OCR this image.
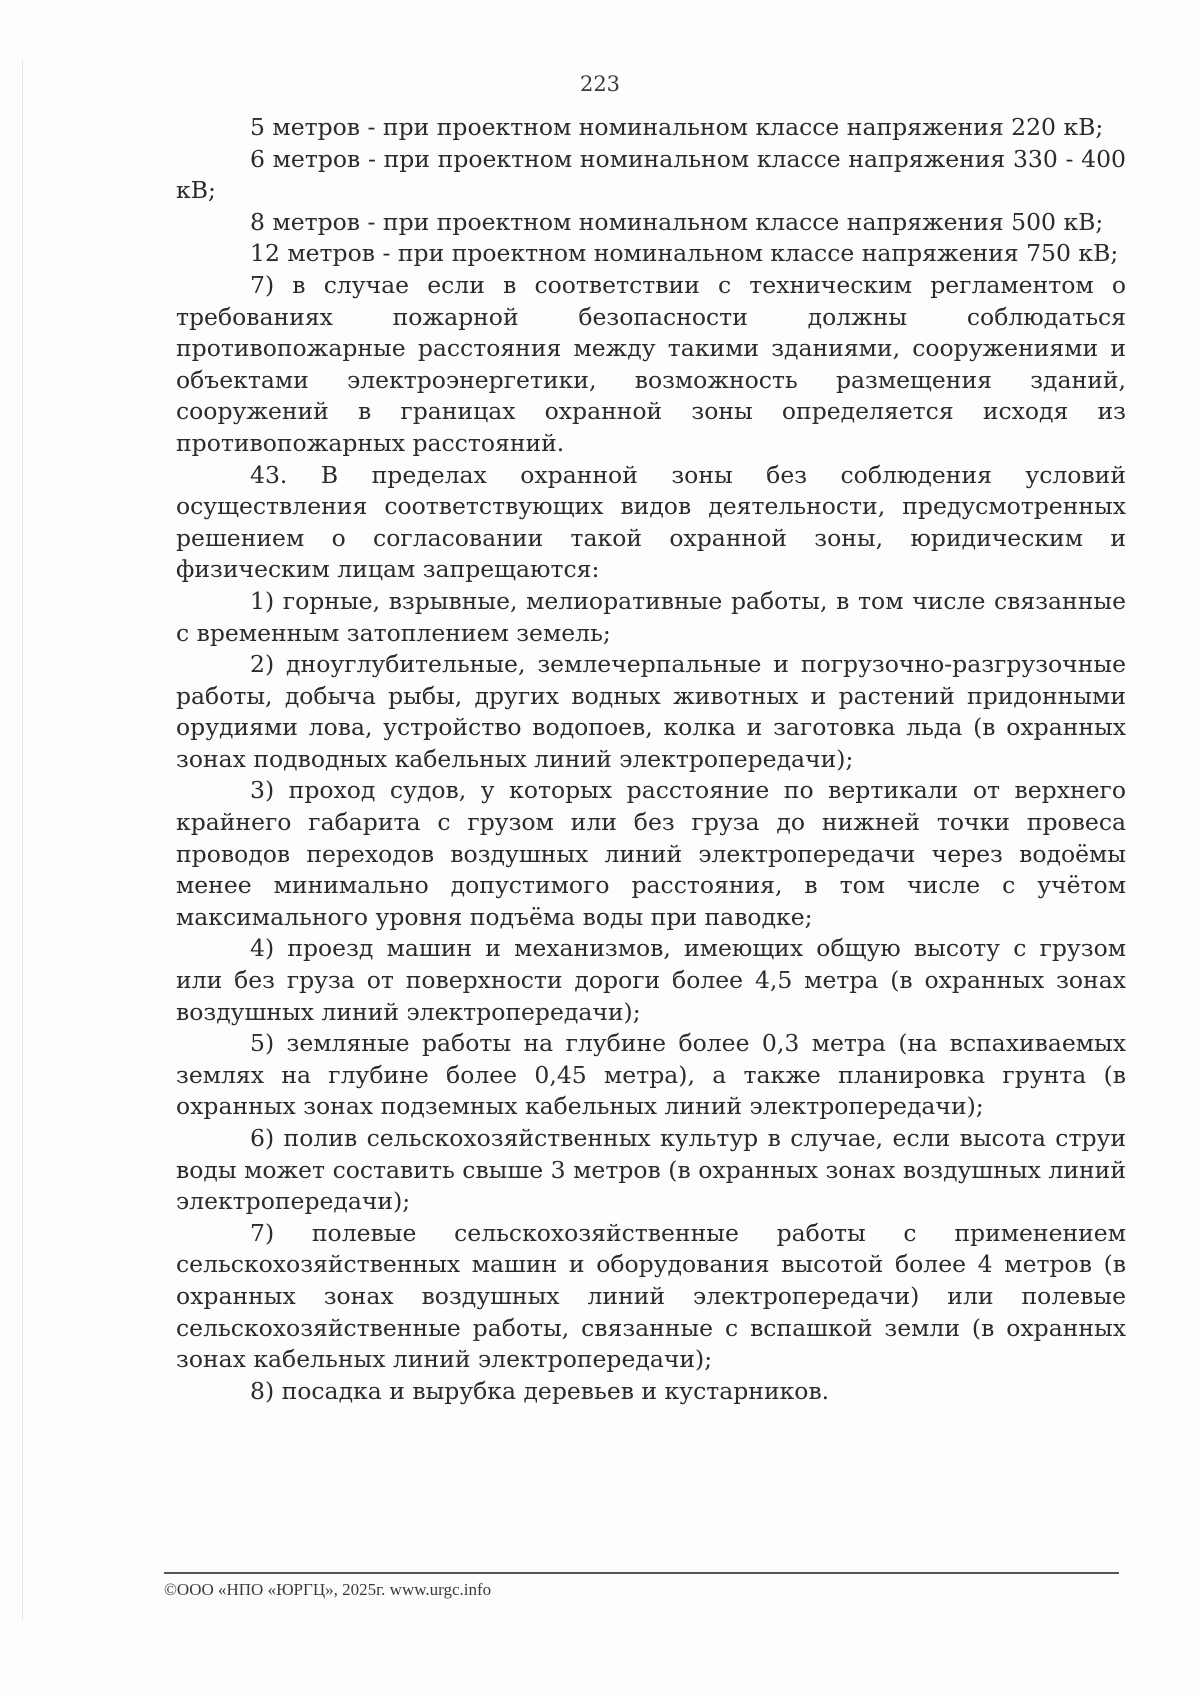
223

5 метров - при проектном номинальном классе напряжения 220 кВ;

6 метров - при проектном номинальном классе напряжения 330 - 400 кВ;

8 метров - при проектном номинальном классе напряжения 500 кВ;

12 метров - при проектном номинальном классе напряжения 750 кВ;

7) в случае если в соответствии с техническим регламентом о требованиях пожарной безопасности должны соблюдаться противопожарные расстояния между такими зданиями, сооружениями и объектами электроэнергетики, возможность размещения зданий, сооружений в границах охранной зоны определяется исходя из противопожарных расстояний.

43. В пределах охранной зоны без соблюдения условий осуществления соответствующих видов деятельности, предусмотренных решением о согласовании такой охранной зоны, юридическим и физическим лицам запрещаются:

1) горные, взрывные, мелиоративные работы, в том числе связанные с временным затоплением земель;

2) дноуглубительные, землечерпальные и погрузочно-разгрузочные работы, добыча рыбы, других водных животных и растений придонными орудиями лова, устройство водопоев, колка и заготовка льда (в охранных зонах подводных кабельных линий электропередачи);

3) проход судов, у которых расстояние по вертикали от верхнего крайнего габарита с грузом или без груза до нижней точки провеса проводов переходов воздушных линий электропередачи через водоёмы менее минимально допустимого расстояния, в том числе с учётом максимального уровня подъёма воды при паводке;

4) проезд машин и механизмов, имеющих общую высоту с грузом или без груза от поверхности дороги более 4,5 метра (в охранных зонах воздушных линий электропередачи);

5) земляные работы на глубине более 0,3 метра (на вспахиваемых землях на глубине более 0,45 метра), а также планировка грунта (в охранных зонах подземных кабельных линий электропередачи);

6) полив сельскохозяйственных культур в случае, если высота струи воды может составить свыше 3 метров (в охранных зонах воздушных линий электропередачи);

7) полевые сельскохозяйственные работы с применением сельскохозяйственных машин и оборудования высотой более 4 метров (в охранных зонах воздушных линий электропередачи) или полевые сельскохозяйственные работы, связанные с вспашкой земли (в охранных зонах кабельных линий электропередачи);

8) посадка и вырубка деревьев и кустарников.

©ООО «НПО «ЮРГЦ», 2025г. www.urgc.info
